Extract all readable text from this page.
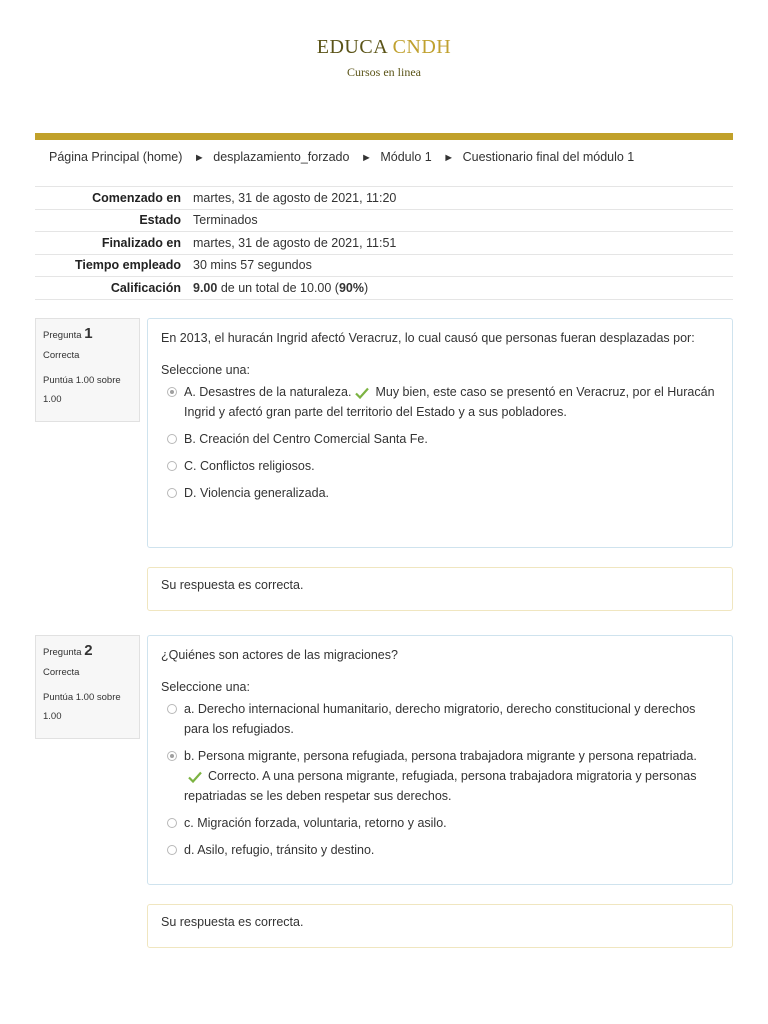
EDUCA CNDH
Cursos en linea
Página Principal (home) ► desplazamiento_forzado ► Módulo 1 ► Cuestionario final del módulo 1
Comenzado en	martes, 31 de agosto de 2021, 11:20
Estado	Terminados
Finalizado en	martes, 31 de agosto de 2021, 11:51
Tiempo empleado	30 mins 57 segundos
Calificación	9.00 de un total de 10.00 (90%)
Pregunta 1
Correcta
Puntúa 1.00 sobre 1.00
En 2013, el huracán Ingrid afectó Veracruz, lo cual causó que personas fueran desplazadas por:
Seleccione una:
A. Desastres de la naturaleza. Muy bien, este caso se presentó en Veracruz, por el Huracán Ingrid y afectó gran parte del territorio del Estado y a sus pobladores.
B. Creación del Centro Comercial Santa Fe.
C. Conflictos religiosos.
D. Violencia generalizada.
Su respuesta es correcta.
Pregunta 2
Correcta
Puntúa 1.00 sobre 1.00
¿Quiénes son actores de las migraciones?
Seleccione una:
a. Derecho internacional humanitario, derecho migratorio, derecho constitucional y derechos para los refugiados.
b. Persona migrante, persona refugiada, persona trabajadora migrante y persona repatriada.Correcto. A una persona migrante, refugiada, persona trabajadora migratoria y personas repatriadas se les deben respetar sus derechos.
c. Migración forzada, voluntaria, retorno y asilo.
d. Asilo, refugio, tránsito y destino.
Su respuesta es correcta.
